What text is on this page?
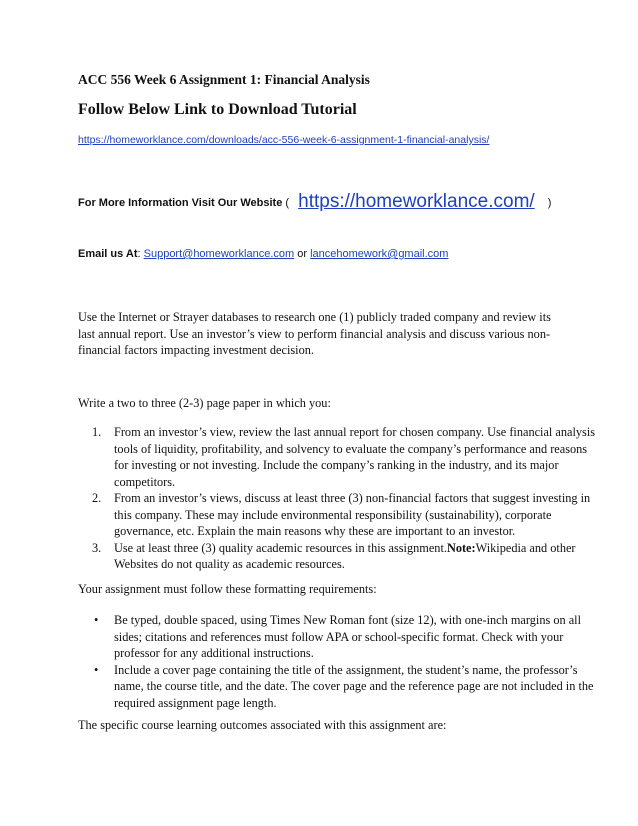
ACC 556 Week 6 Assignment 1: Financial Analysis
Follow Below Link to Download Tutorial
https://homeworklance.com/downloads/acc-556-week-6-assignment-1-financial-analysis/
For More Information Visit Our Website ( https://homeworklance.com/ )
Email us At: Support@homeworklance.com or lancehomework@gmail.com

Use the Internet or Strayer databases to research one (1) publicly traded company and review its last annual report. Use an investor’s view to perform financial analysis and discuss various non-financial factors impacting investment decision.

Write a two to three (2-3) page paper in which you:

1. From an investor’s view, review the last annual report for chosen company. Use financial analysis tools of liquidity, profitability, and solvency to evaluate the company’s performance and reasons for investing or not investing. Include the company’s ranking in the industry, and its major competitors.
2. From an investor’s views, discuss at least three (3) non-financial factors that suggest investing in this company. These may include environmental responsibility (sustainability), corporate governance, etc. Explain the main reasons why these are important to an investor.
3. Use at least three (3) quality academic resources in this assignment.Note:Wikipedia and other Websites do not quality as academic resources.

Your assignment must follow these formatting requirements:

• Be typed, double spaced, using Times New Roman font (size 12), with one-inch margins on all sides; citations and references must follow APA or school-specific format. Check with your professor for any additional instructions.
• Include a cover page containing the title of the assignment, the student’s name, the professor’s name, the course title, and the date. The cover page and the reference page are not included in the required assignment page length.

The specific course learning outcomes associated with this assignment are:
